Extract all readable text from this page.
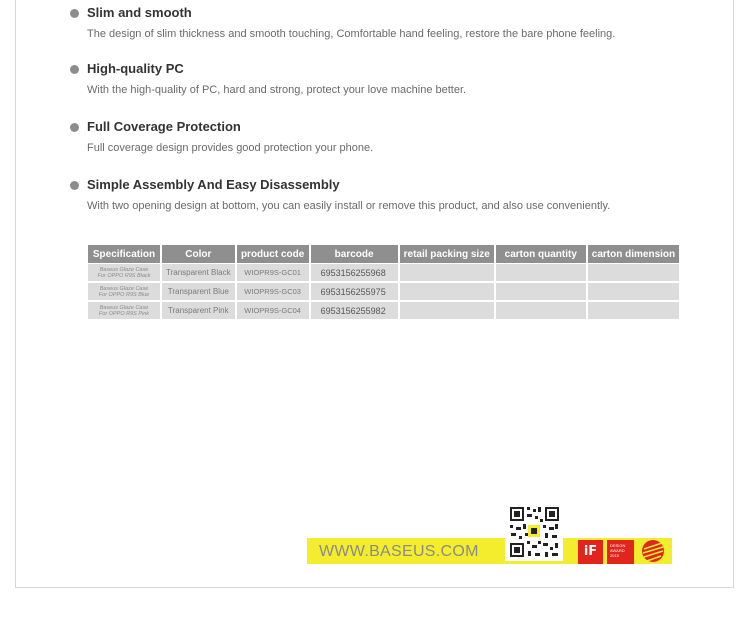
Slim and smooth
The design of slim thickness and smooth touching, Comfortable hand feeling, restore the bare phone feeling.
High-quality PC
With the high-quality of PC, hard and strong, protect your love machine better.
Full Coverage Protection
Full coverage design provides good protection your phone.
Simple Assembly And Easy Disassembly
With two opening design at bottom, you can easily install or remove this product, and also use conveniently.
Specification	Color	product code	barcode	retail packing size	carton quantity	carton dimension

Baseus Glaze Case
For OPPO R9S Black	Transparent Black	WIOPR9S-GC01	6953156255968			

Baseus Glaze Case
For OPPO R9S Blue	Transparent Blue	WIOPR9S-GC03	6953156255975			

Baseus Glaze Case
For OPPO R9S Pink	Transparent Pink	WIOPR9S-GC04	6953156255982			
WWW.BASEUS.COM	iF	DESIGN
AWARD
2015
